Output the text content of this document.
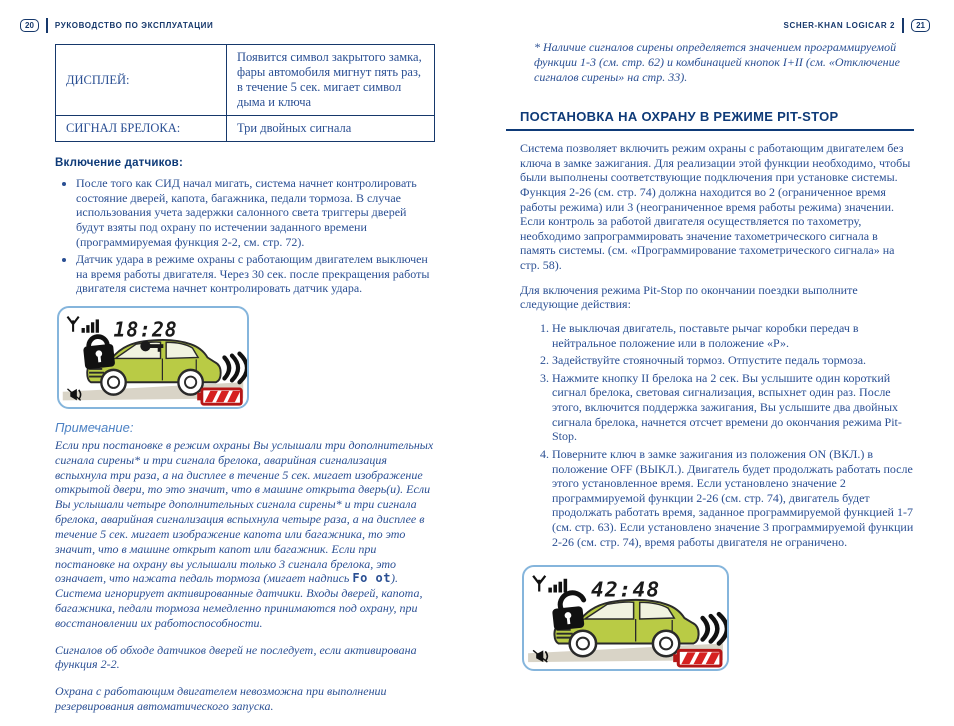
20	РУКОВОДСТВО ПО ЭКСПЛУАТАЦИИ
ДИСПЛЕЙ:	Появится символ закрытого замка, фары автомобиля мигнут пять раз, в течение 5 сек. мигает символ дыма и ключа
СИГНАЛ БРЕЛОКА:	Три двойных сигнала
Включение датчиков:
• После того как СИД начал мигать, система начнет контролировать состояние дверей, капота, багажника, педали тормоза. В случае использования учета задержки салонного света триггеры дверей будут взяты под охрану по истечении заданного времени (программируемая функция 2-2, см. стр. 72).
• Датчик удара в режиме охраны с работающим двигателем выключен на время работы двигателя. Через 30 сек. после прекращения работы двигателя система начнет контролировать датчик удара.
18:28
Примечание:

Если при постановке в режим охраны Вы услышали три дополнительных сигнала сирены* и три сигнала брелока, аварийная сигнализация вспыхнула три раза, а на дисплее в течение 5 сек. мигает изображение открытой двери, то это значит, что в машине открыта дверь(и). Если Вы услышали четыре дополнительных сигнала сирены* и три сигнала брелока, аварийная сигнализация вспыхнула четыре раза, а на дисплее в течение 5 сек. мигает изображение капота или багажника, то это значит, что в машине открыт капот или багажник. Если при постановке на охрану вы услышали только 3 сигнала брелока, это означает, что нажата педаль тормоза (мигает надпись Fo ot). Система игнорирует активированные датчики. Входы дверей, капота, багажника, педали тормоза немедленно принимаются под охрану, при восстановлении их работоспособности.

Сигналов об обходе датчиков дверей не последует, если активирована функция 2-2.

Охрана с работающим двигателем невозможна при выполнении резервирования автоматического запуска.

SCHER-KHAN LOGICAR 2	21

* Наличие сигналов сирены определяется значением программируемой функции 1-3 (см. стр. 62) и комбинацией кнопок I+II (см. «Отключение сигналов сирены» на стр. 33).

ПОСТАНОВКА НА ОХРАНУ В РЕЖИМЕ PIT-STOP

Система позволяет включить режим охраны с работающим двигателем без ключа в замке зажигания. Для реализации этой функции необходимо, чтобы были выполнены соответствующие подключения при установке системы. Функция 2-26 (см. стр. 74) должна находится во 2 (ограниченное время работы режима) или 3 (неограниченное время работы режима) значении. Если контроль за работой двигателя осуществляется по тахометру, необходимо запрограммировать значение тахометрического сигнала в память системы. (см. «Программирование тахометрического сигнала» на стр. 58).

Для включения режима Pit-Stop по окончании поездки выполните следующие действия:

1. Не выключая двигатель, поставьте рычаг коробки передач в нейтральное положение или в положение «Р».
2. Задействуйте стояночный тормоз. Отпустите педаль тормоза.
3. Нажмите кнопку II брелока на 2 сек. Вы услышите один короткий сигнал брелока, световая сигнализация, вспыхнет один раз. После этого, включится поддержка зажигания, Вы услышите два двойных сигнала брелока, начнется отсчет времени до окончания режима Pit-Stop.
4. Поверните ключ в замке зажигания из положения ON (ВКЛ.) в положение OFF (ВЫКЛ.). Двигатель будет продолжать работать после этого установленное время. Если установлено значение 2 программируемой функции 2-26 (см. стр. 74), двигатель будет продолжать работать время, заданное программируемой функцией 1-7 (см. стр. 63). Если установлено значение 3 программируемой функции 2-26 (см. стр. 74), время работы двигателя не ограничено.
42:48
